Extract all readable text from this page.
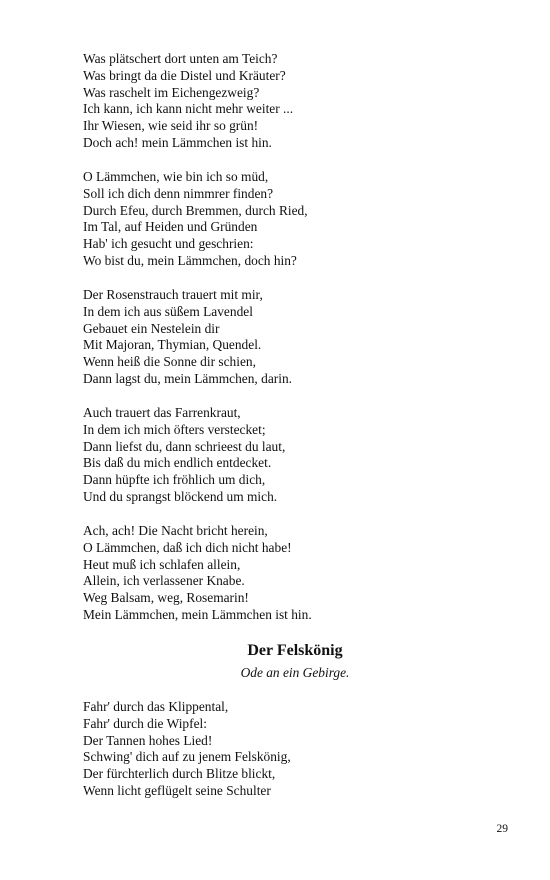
Was plätschert dort unten am Teich?
Was bringt da die Distel und Kräuter?
Was raschelt im Eichengezweig?
Ich kann, ich kann nicht mehr weiter ...
Ihr Wiesen, wie seid ihr so grün!
Doch ach! mein Lämmchen ist hin.
O Lämmchen, wie bin ich so müd,
Soll ich dich denn nimmrer finden?
Durch Efeu, durch Bremmen, durch Ried,
Im Tal, auf Heiden und Gründen
Hab' ich gesucht und geschrien:
Wo bist du, mein Lämmchen, doch hin?
Der Rosenstrauch trauert mit mir,
In dem ich aus süßem Lavendel
Gebauet ein Nestelein dir
Mit Majoran, Thymian, Quendel.
Wenn heiß die Sonne dir schien,
Dann lagst du, mein Lämmchen, darin.
Auch trauert das Farrenkraut,
In dem ich mich öfters verstecket;
Dann liefst du, dann schrieest du laut,
Bis daß du mich endlich entdecket.
Dann hüpfte ich fröhlich um dich,
Und du sprangst blöckend um mich.
Ach, ach! Die Nacht bricht herein,
O Lämmchen, daß ich dich nicht habe!
Heut muß ich schlafen allein,
Allein, ich verlassener Knabe.
Weg Balsam, weg, Rosemarin!
Mein Lämmchen, mein Lämmchen ist hin.
Der Felskönig
Ode an ein Gebirge.
Fahr' durch das Klippental,
Fahr' durch die Wipfel:
Der Tannen hohes Lied!
Schwing' dich auf zu jenem Felskönig,
Der fürchterlich durch Blitze blickt,
Wenn licht geflügelt seine Schulter
29
